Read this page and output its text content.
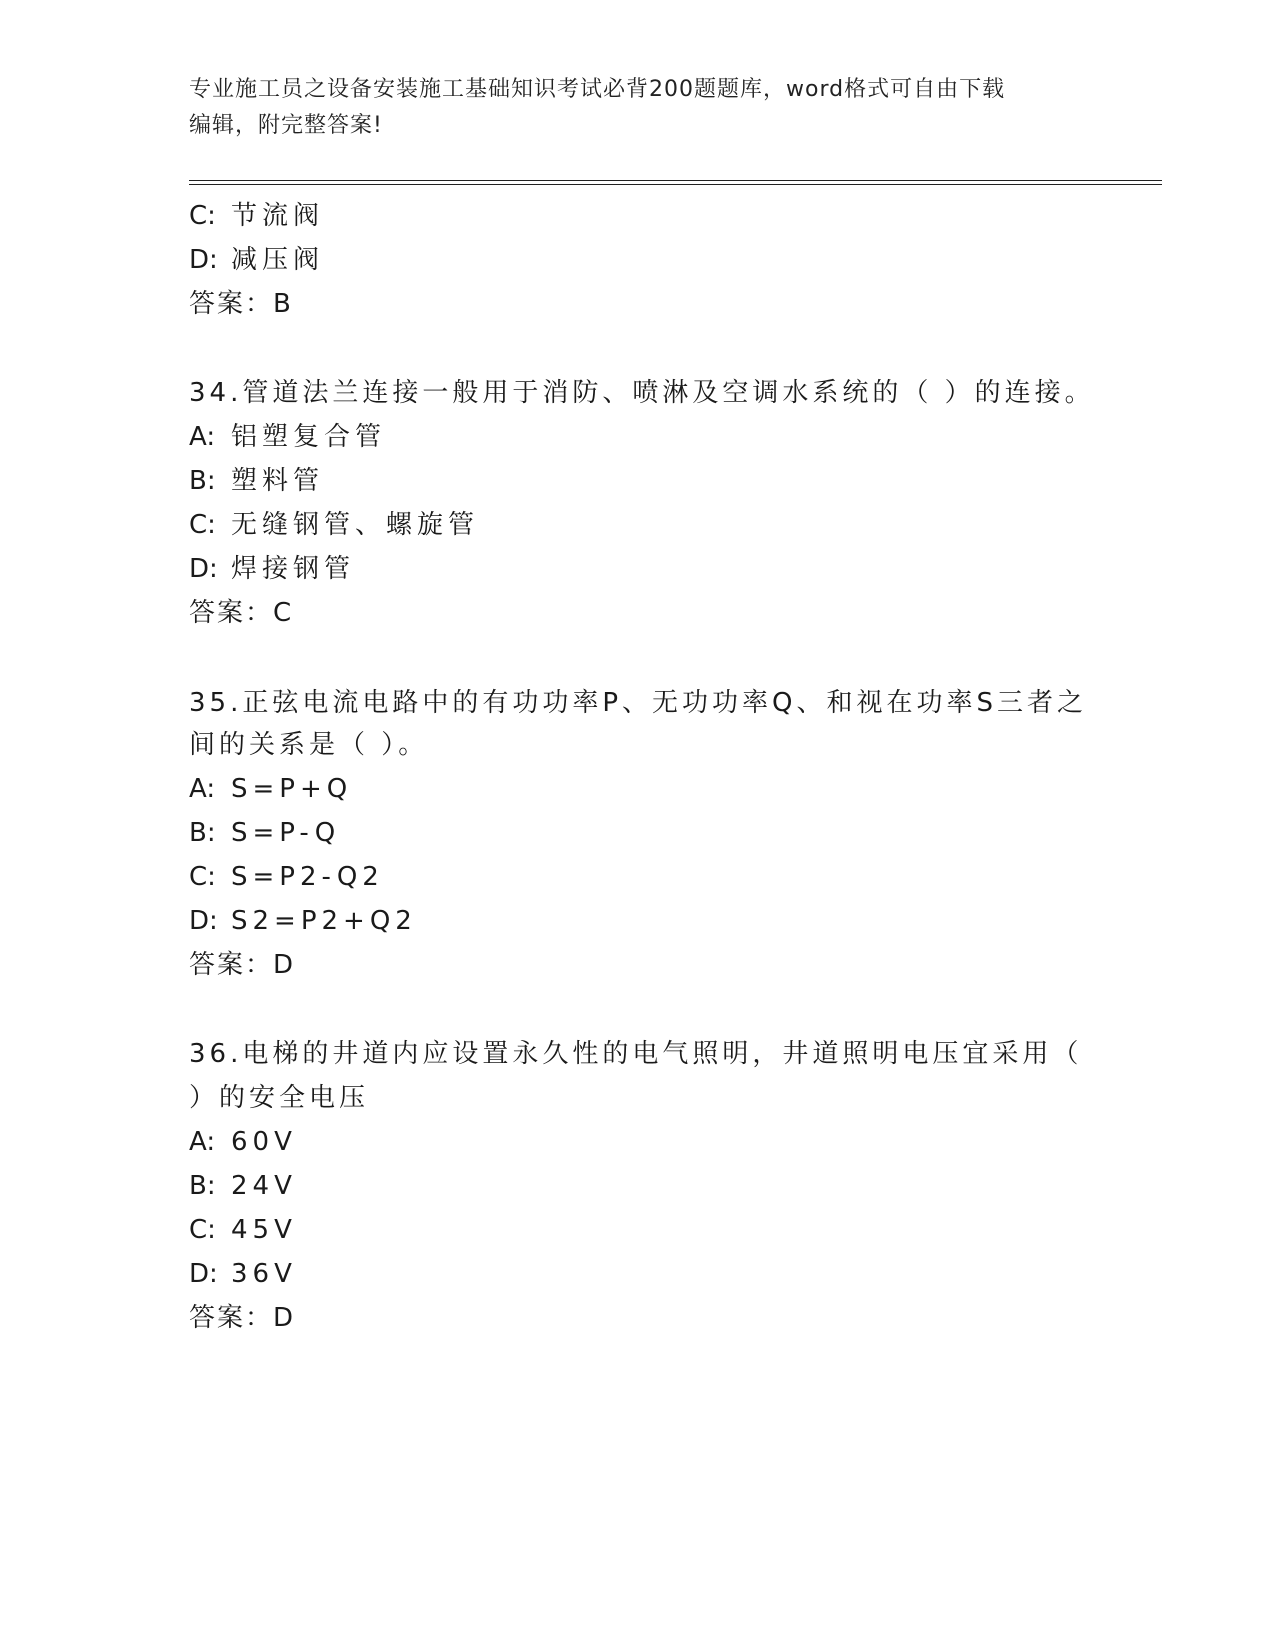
专业施工员之设备安装施工基础知识考试必背200题题库，word格式可自由下载
编辑，附完整答案!
C: 节流阀
D: 减压阀
答案：B
34.管道法兰连接一般用于消防、喷淋及空调水系统的（ ）的连接。
A: 铝塑复合管
B: 塑料管
C: 无缝钢管、螺旋管
D: 焊接钢管
答案：C
35.正弦电流电路中的有功功率P、无功功率Q、和视在功率S三者之
间的关系是（ ）。
A: S=P+Q
B: S=P-Q
C: S=P2-Q2
D: S2=P2+Q2
答案：D
36.电梯的井道内应设置永久性的电气照明，井道照明电压宜采用（
）的安全电压
A: 60V
B: 24V
C: 45V
D: 36V
答案：D
